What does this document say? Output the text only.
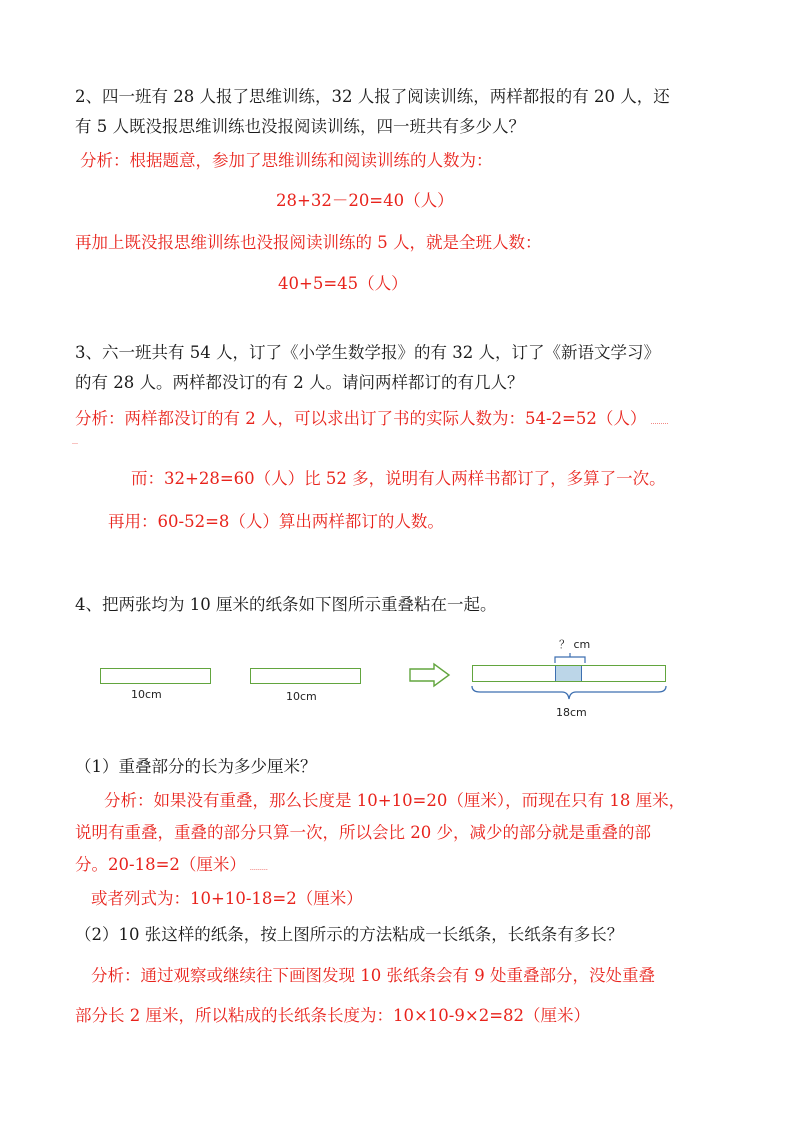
2、四一班有 28 人报了思维训练，32 人报了阅读训练，两样都报的有 20 人，还

有 5 人既没报思维训练也没报阅读训练，四一班共有多少人？

分析：根据题意，参加了思维训练和阅读训练的人数为：

28+32－20=40（人）

再加上既没报思维训练也没报阅读训练的 5 人，就是全班人数：

40+5=45（人）

3、六一班共有 54 人，订了《小学生数学报》的有 32 人，订了《新语文学习》

的有 28 人。两样都没订的有 2 人。请问两样都订的有几人？

分析：两样都没订的有 2 人，可以求出订了书的实际人数为：54-2=52（人） ………

…

而：32+28=60（人）比 52 多，说明有人两样书都订了，多算了一次。

再用：60-52=8（人）算出两样都订的人数。

4、把两张均为 10 厘米的纸条如下图所示重叠粘在一起。

10cm	10cm
？ cm
18cm

（1）重叠部分的长为多少厘米？

分析：如果没有重叠，那么长度是 10+10=20（厘米），而现在只有 18 厘米，

说明有重叠，重叠的部分只算一次，所以会比 20 少，减少的部分就是重叠的部

分。20-18=2（厘米） ………

或者列式为：10+10-18=2（厘米）

（2）10 张这样的纸条，按上图所示的方法粘成一长纸条，长纸条有多长？

分析：通过观察或继续往下画图发现 10 张纸条会有 9 处重叠部分，没处重叠

部分长 2 厘米，所以粘成的长纸条长度为：10×10-9×2=82（厘米）
